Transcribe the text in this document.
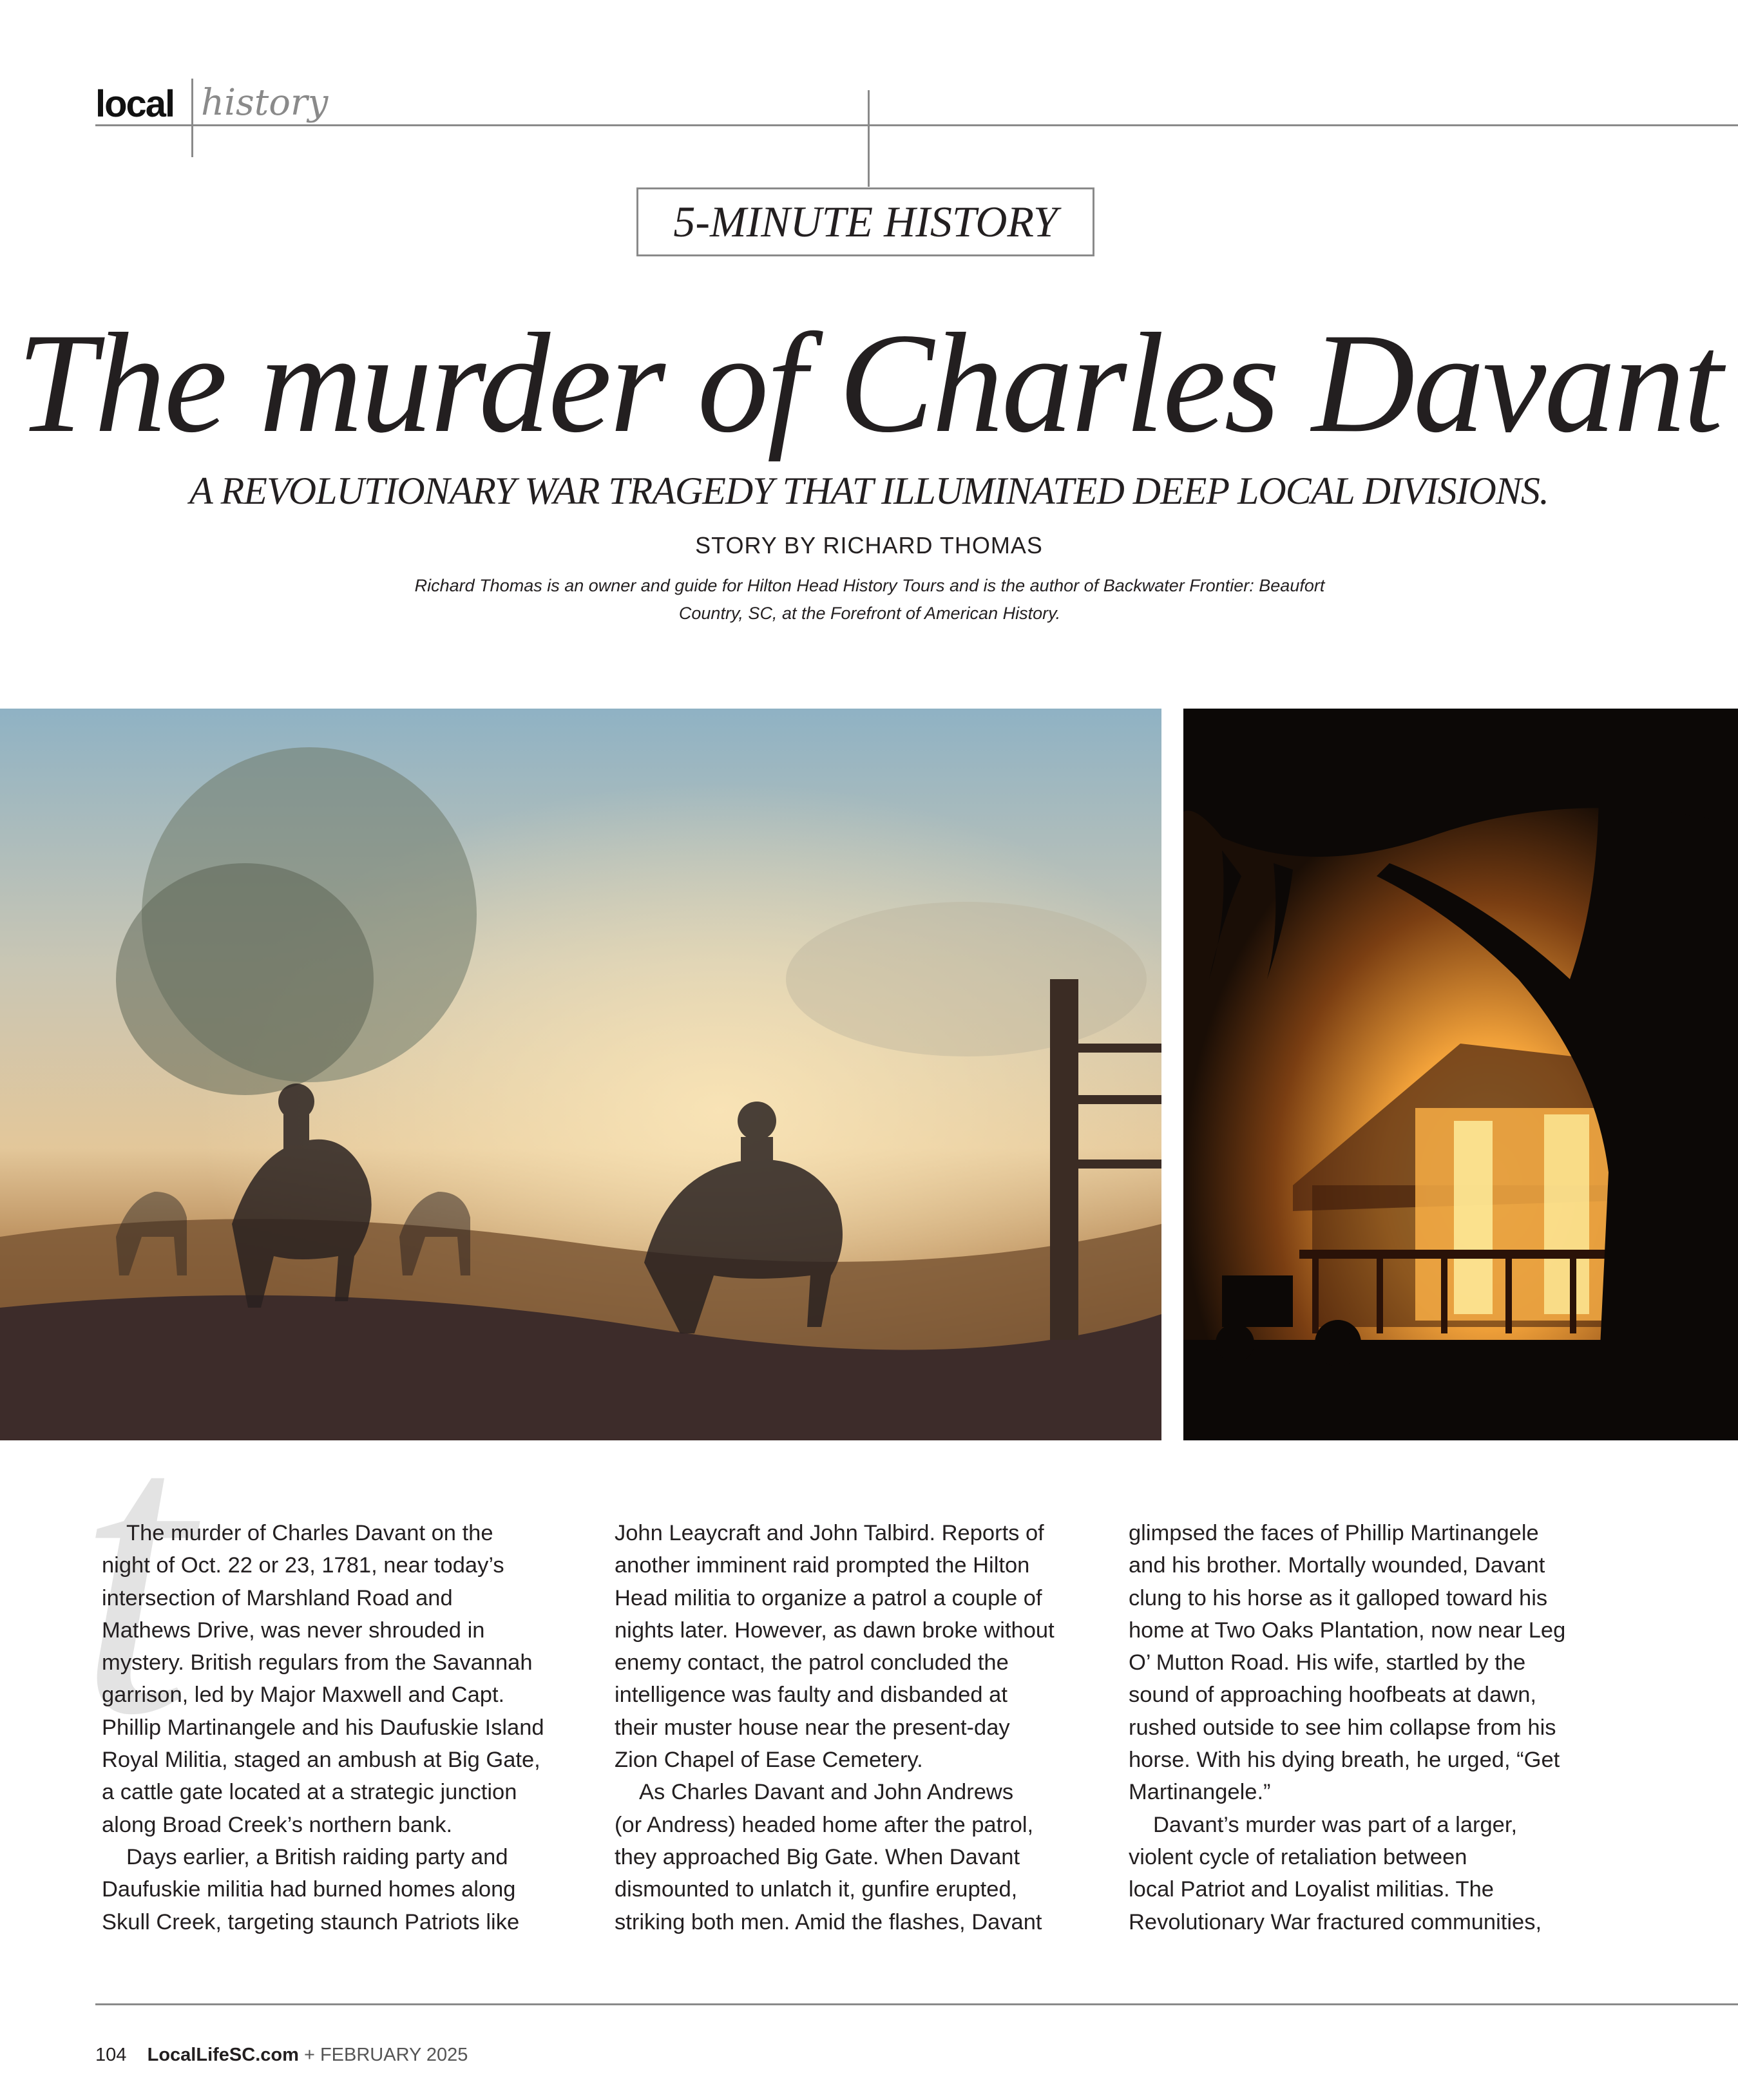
local history
5-MINUTE HISTORY
The murder of Charles Davant
A REVOLUTIONARY WAR TRAGEDY THAT ILLUMINATED DEEP LOCAL DIVISIONS.
STORY BY RICHARD THOMAS
Richard Thomas is an owner and guide for Hilton Head History Tours and is the author of Backwater Frontier: Beaufort Country, SC, at the Forefront of American History.
t

The murder of Charles Davant on the
night of Oct. 22 or 23, 1781, near today’s
intersection of Marshland Road and
Mathews Drive, was never shrouded in
mystery. British regulars from the Savannah
garrison, led by Major Maxwell and Capt.
Phillip Martinangele and his Daufuskie Island
Royal Militia, staged an ambush at Big Gate,
a cattle gate located at a strategic junction
along Broad Creek’s northern bank.

Days earlier, a British raiding party and
Daufuskie militia had burned homes along
Skull Creek, targeting staunch Patriots like

John Leaycraft and John Talbird. Reports of
another imminent raid prompted the Hilton
Head militia to organize a patrol a couple of
nights later. However, as dawn broke without
enemy contact, the patrol concluded the
intelligence was faulty and disbanded at
their muster house near the present-day
Zion Chapel of Ease Cemetery.

As Charles Davant and John Andrews
(or Andress) headed home after the patrol,
they approached Big Gate. When Davant
dismounted to unlatch it, gunfire erupted,
striking both men. Amid the flashes, Davant

glimpsed the faces of Phillip Martinangele
and his brother. Mortally wounded, Davant
clung to his horse as it galloped toward his
home at Two Oaks Plantation, now near Leg
O’ Mutton Road. His wife, startled by the
sound of approaching hoofbeats at dawn,
rushed outside to see him collapse from his
horse. With his dying breath, he urged, “Get
Martinangele.”

Davant’s murder was part of a larger,
violent cycle of retaliation between
local Patriot and Loyalist militias. The
Revolutionary War fractured communities,

104 LocalLifeSC.com + FEBRUARY 2025
